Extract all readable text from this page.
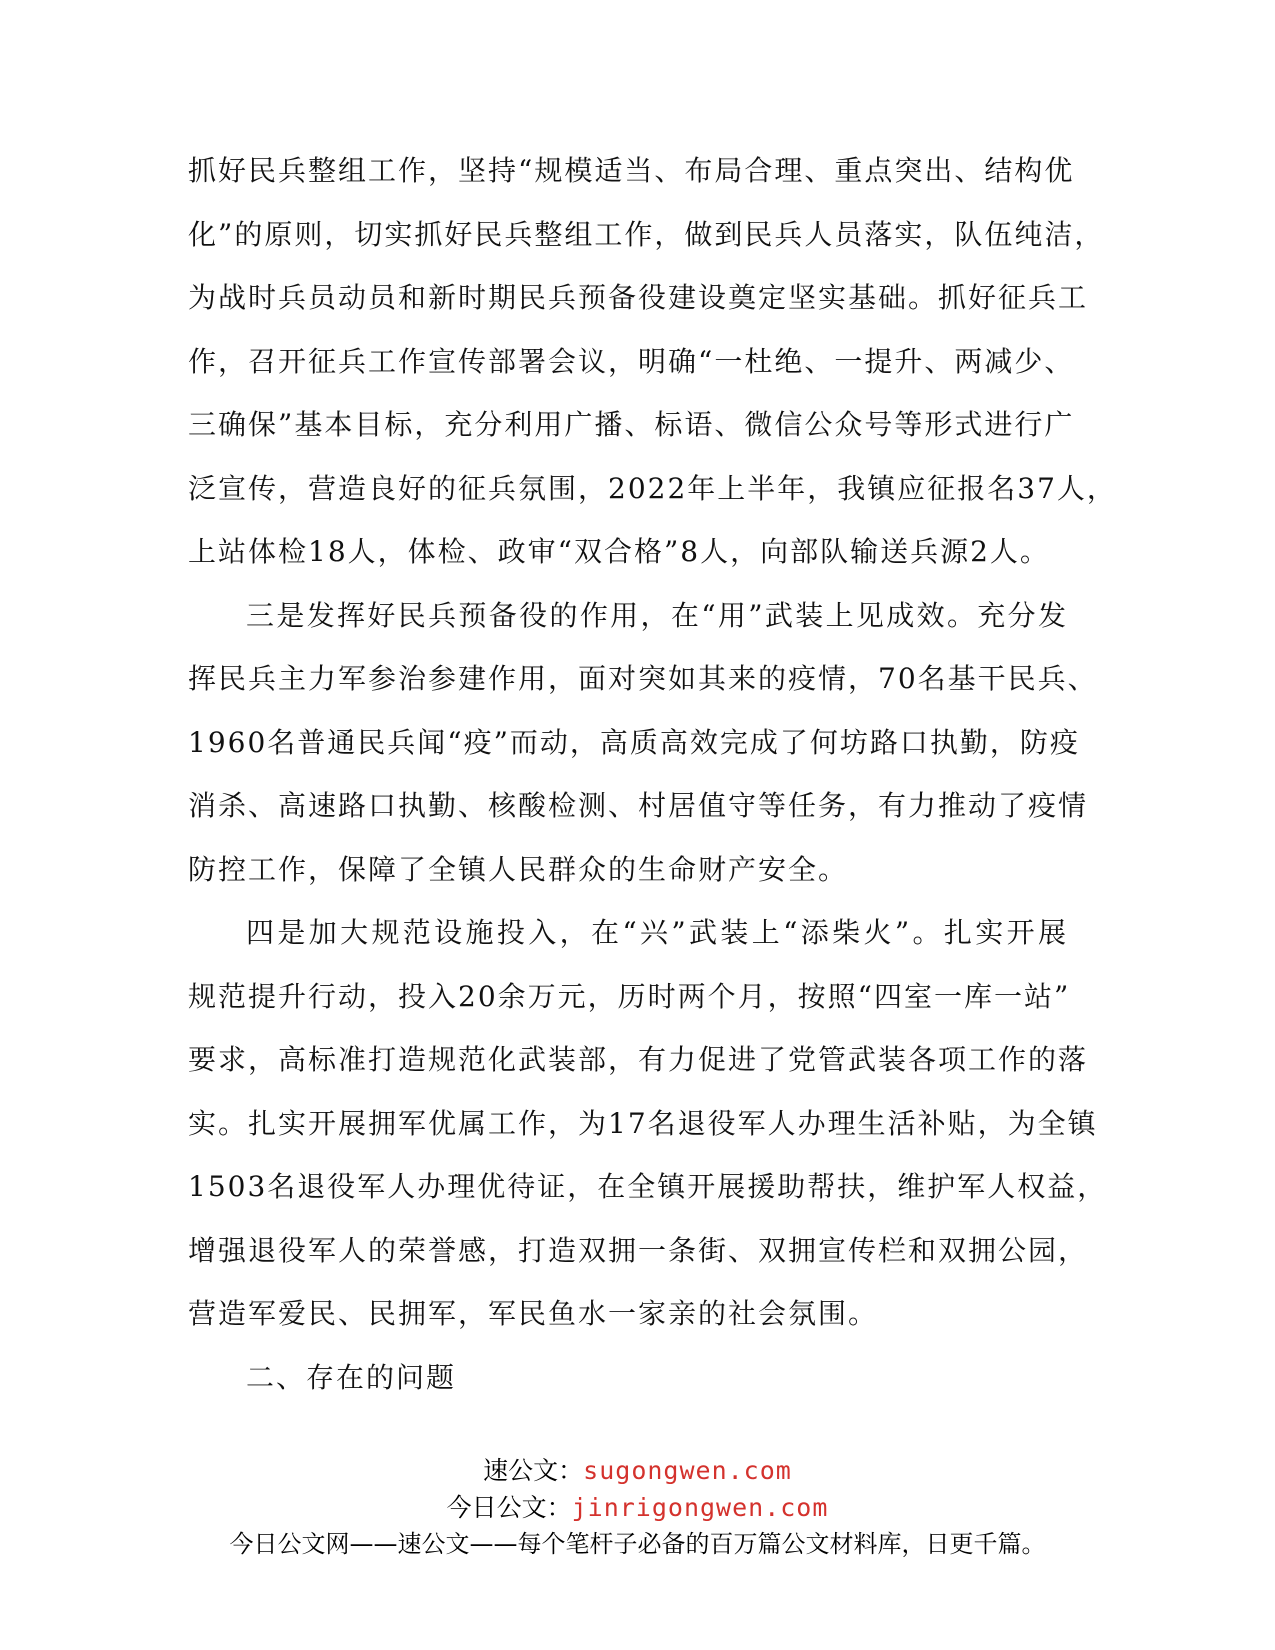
抓好民兵整组工作，坚持“规模适当、布局合理、重点突出、结构优
化”的原则，切实抓好民兵整组工作，做到民兵人员落实，队伍纯洁，
为战时兵员动员和新时期民兵预备役建设奠定坚实基础。抓好征兵工
作，召开征兵工作宣传部署会议，明确“一杜绝、一提升、两减少、
三确保”基本目标，充分利用广播、标语、微信公众号等形式进行广
泛宣传，营造良好的征兵氛围，2022年上半年，我镇应征报名37人，
上站体检18人，体检、政审“双合格”8人，向部队输送兵源2人。
三是发挥好民兵预备役的作用，在“用”武装上见成效。充分发
挥民兵主力军参治参建作用，面对突如其来的疫情，70名基干民兵、
1960名普通民兵闻“疫”而动，高质高效完成了何坊路口执勤，防疫
消杀、高速路口执勤、核酸检测、村居值守等任务，有力推动了疫情
防控工作，保障了全镇人民群众的生命财产安全。
四是加大规范设施投入，在“兴”武装上“添柴火”。扎实开展
规范提升行动，投入20余万元，历时两个月，按照“四室一库一站”
要求，高标准打造规范化武装部，有力促进了党管武装各项工作的落
实。扎实开展拥军优属工作，为17名退役军人办理生活补贴，为全镇
1503名退役军人办理优待证，在全镇开展援助帮扶，维护军人权益，
增强退役军人的荣誉感，打造双拥一条街、双拥宣传栏和双拥公园，
营造军爱民、民拥军，军民鱼水一家亲的社会氛围。
二、存在的问题
速公文：sugongwen.com
今日公文：jinrigongwen.com
今日公文网——速公文——每个笔杆子必备的百万篇公文材料库，日更千篇。
